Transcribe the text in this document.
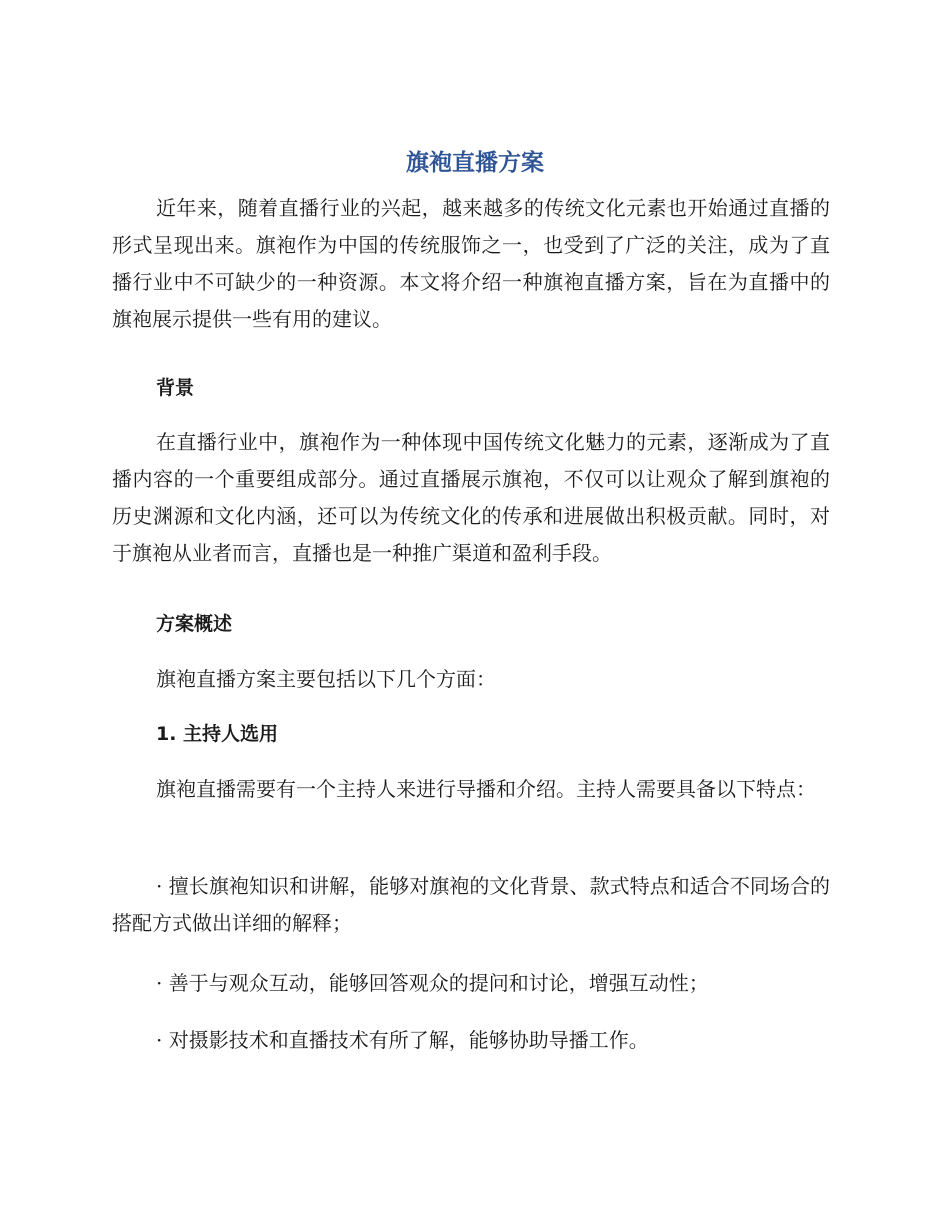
旗袍直播方案

近年来，随着直播行业的兴起，越来越多的传统文化元素也开始通过直播的形式呈现出来。旗袍作为中国的传统服饰之一，也受到了广泛的关注，成为了直播行业中不可缺少的一种资源。本文将介绍一种旗袍直播方案，旨在为直播中的旗袍展示提供一些有用的建议。

背景

在直播行业中，旗袍作为一种体现中国传统文化魅力的元素，逐渐成为了直播内容的一个重要组成部分。通过直播展示旗袍，不仅可以让观众了解到旗袍的历史渊源和文化内涵，还可以为传统文化的传承和进展做出积极贡献。同时，对于旗袍从业者而言，直播也是一种推广渠道和盈利手段。

方案概述

旗袍直播方案主要包括以下几个方面：

1. 主持人选用

旗袍直播需要有一个主持人来进行导播和介绍。主持人需要具备以下特点：

· 擅长旗袍知识和讲解，能够对旗袍的文化背景、款式特点和适合不同场合的搭配方式做出详细的解释；

· 善于与观众互动，能够回答观众的提问和讨论，增强互动性；

· 对摄影技术和直播技术有所了解，能够协助导播工作。
